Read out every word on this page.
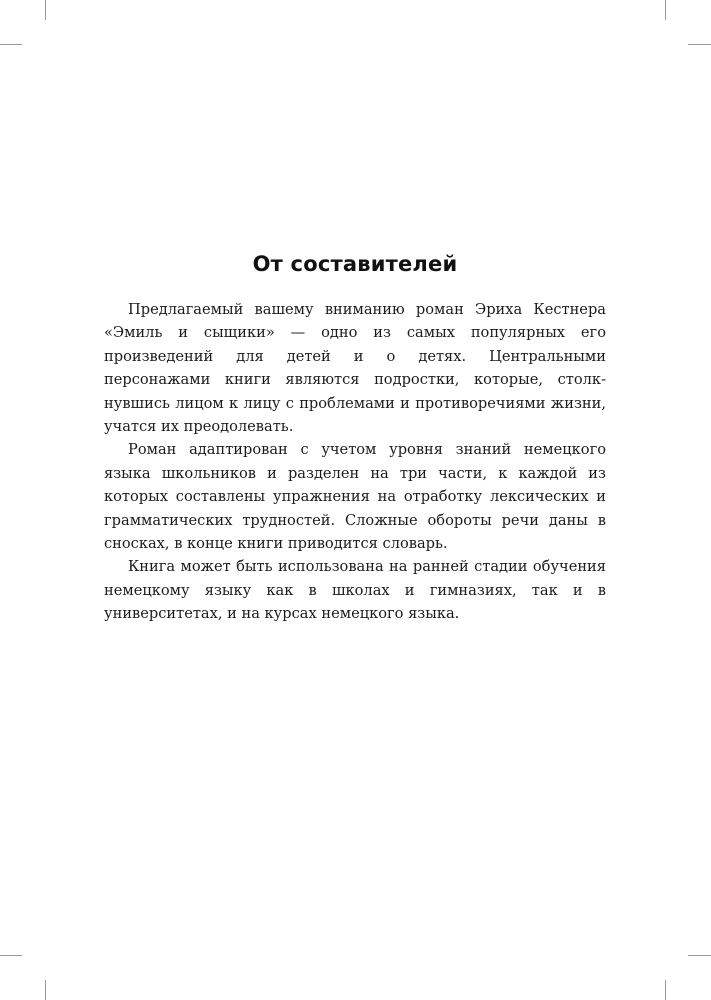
От составителей

Предлагаемый вашему вниманию роман Эриха Кестнера «Эмиль и сыщики» — одно из самых популярных его произведений для детей и о детях. Центральными персонажами книги являются подростки, которые, столкнувшись лицом к лицу с проблемами и противоречиями жизни, учатся их преодолевать.

Роман адаптирован с учетом уровня знаний немецкого языка школьников и разделен на три части, к каждой из которых составлены упражнения на отработку лексических и грамматических трудностей. Сложные обороты речи даны в сносках, в конце книги приводится словарь.

Книга может быть использована на ранней стадии обучения немецкому языку как в школах и гимназиях, так и в университетах, и на курсах немецкого языка.
